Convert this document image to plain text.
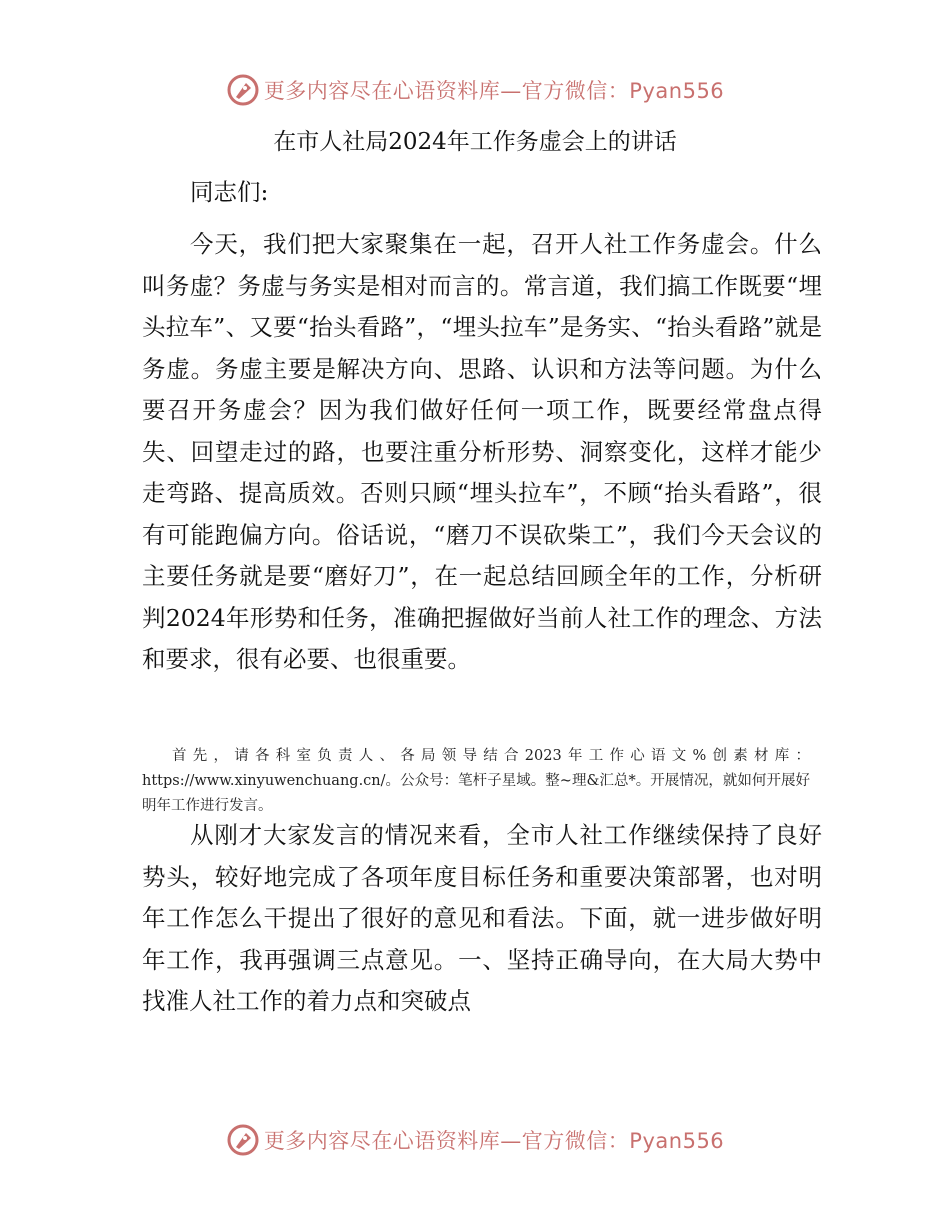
更多内容尽在心语资料库—官方微信：Pyan556
在市人社局2024年工作务虚会上的讲话

同志们:

今天，我们把大家聚集在一起，召开人社工作务虚会。什么叫务虚？务虚与务实是相对而言的。常言道，我们搞工作既要“埋头拉车”、又要“抬头看路”，“埋头拉车”是务实、“抬头看路”就是务虚。务虚主要是解决方向、思路、认识和方法等问题。为什么要召开务虚会？因为我们做好任何一项工作，既要经常盘点得失、回望走过的路，也要注重分析形势、洞察变化，这样才能少走弯路、提高质效。否则只顾“埋头拉车”，不顾“抬头看路”，很有可能跑偏方向。俗话说，“磨刀不误砍柴工”，我们今天会议的主要任务就是要“磨好刀”，在一起总结回顾全年的工作，分析研判2024年形势和任务，准确把握做好当前人社工作的理念、方法和要求，很有必要、也很重要。

首先，请各科室负责人、各局领导结合2023年工作心语文%创素材库：https://www.xinyuwenchuang.cn/。公众号：笔杆子星域。整~理&汇总*。开展情况，就如何开展好明年工作进行发言。

从刚才大家发言的情况来看，全市人社工作继续保持了良好势头，较好地完成了各项年度目标任务和重要决策部署，也对明年工作怎么干提出了很好的意见和看法。下面，就一进步做好明年工作，我再强调三点意见。一、坚持正确导向，在大局大势中找准人社工作的着力点和突破点

更多内容尽在心语资料库—官方微信：Pyan556
